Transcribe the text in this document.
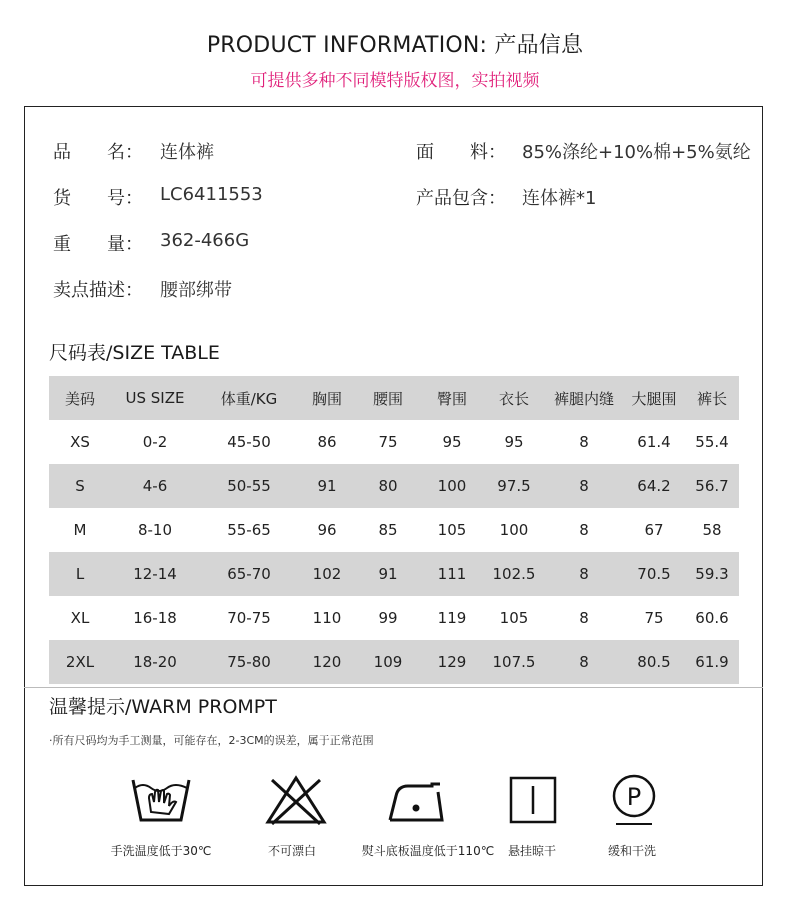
PRODUCT INFORMATION: 产品信息
可提供多种不同模特版权图，实拍视频
品　　名： 连体裤	面　　料： 85%涤纶+10%棉+5%氨纶
货　　号： LC6411553	产品包含： 连体裤*1
重　　量： 362-466G
卖点描述： 腰部绑带
尺码表/SIZE TABLE
美码	US SIZE	体重/KG	胸围	腰围	臀围	衣长	裤腿内缝	大腿围	裤长
XS	0-2	45-50	86	75	95	95	8	61.4	55.4
S	4-6	50-55	91	80	100	97.5	8	64.2	56.7
M	8-10	55-65	96	85	105	100	8	67	58
L	12-14	65-70	102	91	111	102.5	8	70.5	59.3
XL	16-18	70-75	110	99	119	105	8	75	60.6
2XL	18-20	75-80	120	109	129	107.5	8	80.5	61.9
温馨提示/WARM PROMPT
·所有尺码均为手工测量，可能存在，2-3CM的误差，属于正常范围
P
手洗温度低于30℃	不可漂白	熨斗底板温度低于110℃	悬挂晾干	缓和干洗
